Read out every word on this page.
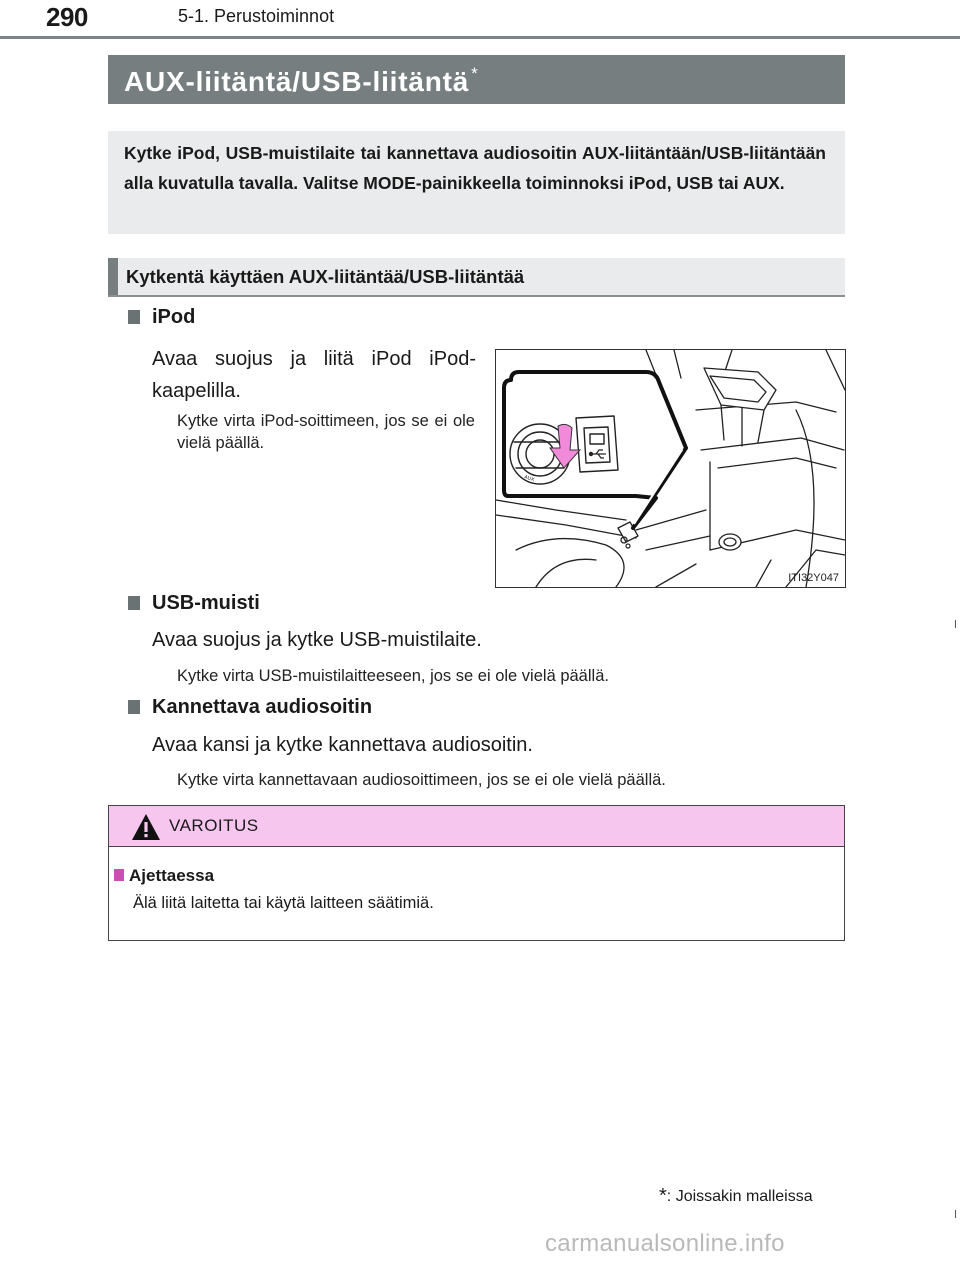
290	5-1. Perustoiminnot
AUX-liitäntä/USB-liitäntä *
Kytke iPod, USB-muistilaite tai kannettava audiosoitin AUX-liitäntään/USB-liitäntään alla kuvatulla tavalla. Valitse MODE-painikkeella toiminnoksi iPod, USB tai AUX.
Kytkentä käyttäen AUX-liitäntää/USB-liitäntää
iPod
Avaa suojus ja liitä iPod iPod-kaapelilla.
Kytke virta iPod-soittimeen, jos se ei ole vielä päällä.
AUX
ITI32Y047
USB-muisti
Avaa suojus ja kytke USB-muistilaite.
Kytke virta USB-muistilaitteeseen, jos se ei ole vielä päällä.
Kannettava audiosoitin
Avaa kansi ja kytke kannettava audiosoitin.
Kytke virta kannettavaan audiosoittimeen, jos se ei ole vielä päällä.
VAROITUS
Ajettaessa
Älä liitä laitetta tai käytä laitteen säätimiä.
*: Joissakin malleissa
carmanualsonline.info
